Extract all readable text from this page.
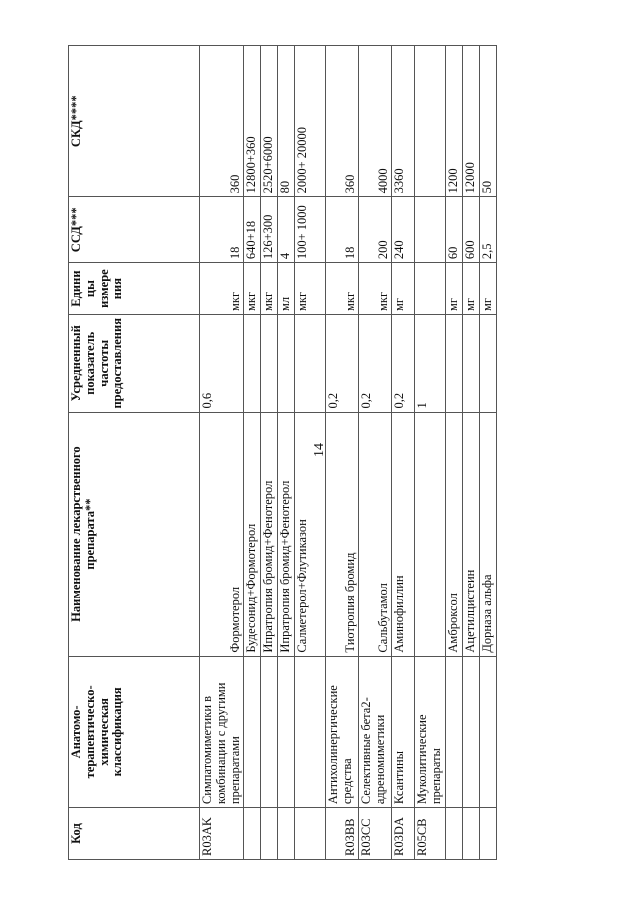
14
Код	Анатомо-терапевтическо-химическая классификация	Наименование лекарственного препарата**	Усредненный показатель частоты предоставления	Едини цы измере ния	ССД***	СКД****
R03AK	Симпатомиметики в комбинации с другими препаратами	Формотерол	0,6	мкг	18	360
		Будесонид+Формотерол		мкг	640+18	12800+360
		Ипратропия бромид+Фенотерол		мкг	126+300	2520+6000
		Ипратропия бромид+Фенотерол		мл	4	80
		Салметерол+Флутиказон		мкг	100+ 1000	2000+ 20000
R03BB	Антихолинергические средства	Тиотропия бромид	0,2	мкг	18	360
R03CC	Селективные бета2-адреномиметики	Сальбутамол	0,2	мкг	200	4000
R03DA	Ксантины	Аминофиллин	0,2	мг	240	3360
R05CB	Муколитические препараты		1			
		Амброксол		мг	60	1200
		Ацетилцистеин		мг	600	12000
		Дорназа альфа		мг	2,5	50
